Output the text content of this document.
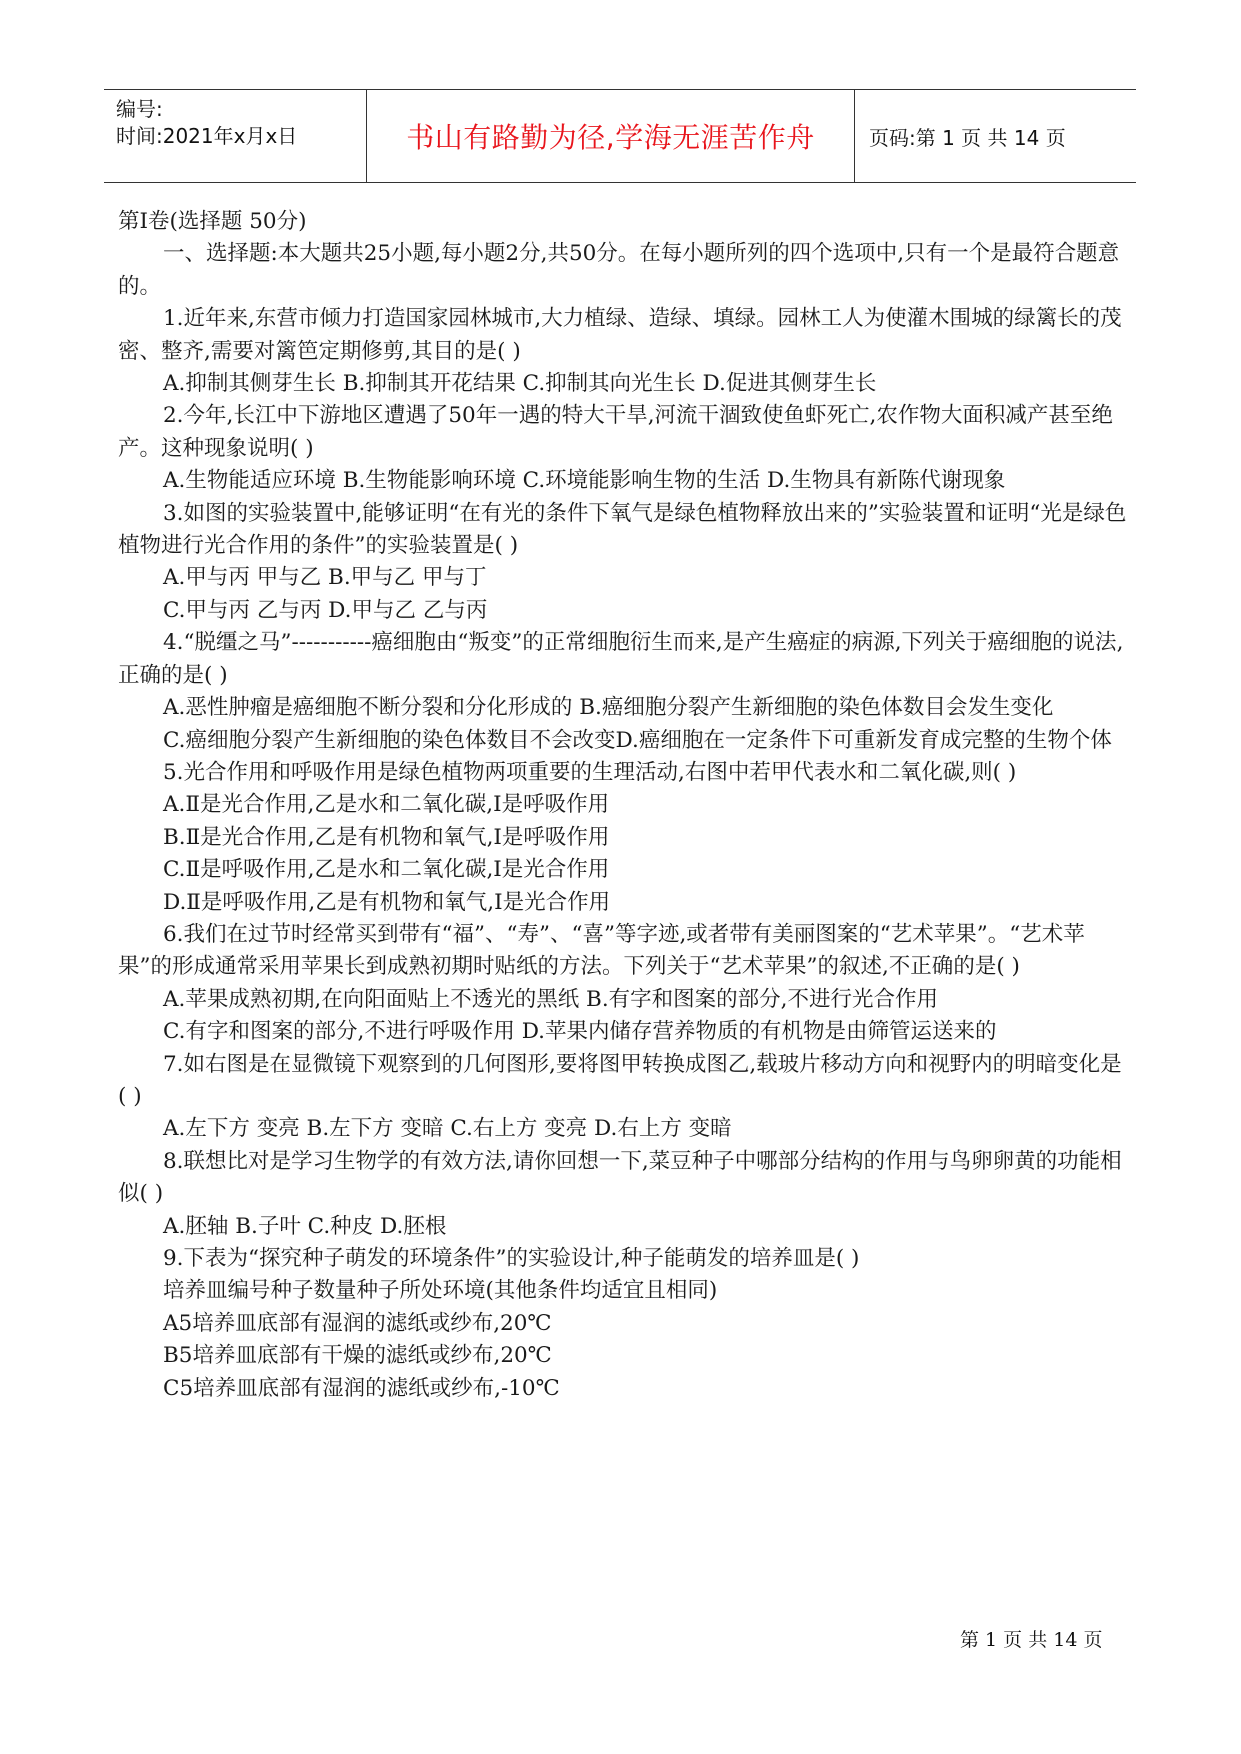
编号:
时间:2021年x月x日	书山有路勤为径,学海无涯苦作舟	页码:第 1 页 共 14 页

第Ⅰ卷(选择题 50分)

一、选择题:本大题共25小题,每小题2分,共50分。在每小题所列的四个选项中,只有一个是最符合题意的。

1.近年来,东营市倾力打造国家园林城市,大力植绿、造绿、填绿。园林工人为使灌木围城的绿篱长的茂密、整齐,需要对篱笆定期修剪,其目的是( )

A.抑制其侧芽生长 B.抑制其开花结果 C.抑制其向光生长 D.促进其侧芽生长

2.今年,长江中下游地区遭遇了50年一遇的特大干旱,河流干涸致使鱼虾死亡,农作物大面积减产甚至绝产。这种现象说明( )

A.生物能适应环境 B.生物能影响环境 C.环境能影响生物的生活 D.生物具有新陈代谢现象

3.如图的实验装置中,能够证明“在有光的条件下氧气是绿色植物释放出来的”实验装置和证明“光是绿色植物进行光合作用的条件”的实验装置是( )

A.甲与丙 甲与乙 B.甲与乙 甲与丁

C.甲与丙 乙与丙 D.甲与乙 乙与丙

4.“脱缰之马”-----------癌细胞由“叛变”的正常细胞衍生而来,是产生癌症的病源,下列关于癌细胞的说法,正确的是( )

A.恶性肿瘤是癌细胞不断分裂和分化形成的 B.癌细胞分裂产生新细胞的染色体数目会发生变化

C.癌细胞分裂产生新细胞的染色体数目不会改变D.癌细胞在一定条件下可重新发育成完整的生物个体

5.光合作用和呼吸作用是绿色植物两项重要的生理活动,右图中若甲代表水和二氧化碳,则( )

A.Ⅱ是光合作用,乙是水和二氧化碳,Ⅰ是呼吸作用

B.Ⅱ是光合作用,乙是有机物和氧气,Ⅰ是呼吸作用

C.Ⅱ是呼吸作用,乙是水和二氧化碳,Ⅰ是光合作用

D.Ⅱ是呼吸作用,乙是有机物和氧气,Ⅰ是光合作用

6.我们在过节时经常买到带有“福”、“寿”、“喜”等字迹,或者带有美丽图案的“艺术苹果”。“艺术苹果”的形成通常采用苹果长到成熟初期时贴纸的方法。下列关于“艺术苹果”的叙述,不正确的是( )

A.苹果成熟初期,在向阳面贴上不透光的黑纸 B.有字和图案的部分,不进行光合作用

C.有字和图案的部分,不进行呼吸作用 D.苹果内储存营养物质的有机物是由筛管运送来的

7.如右图是在显微镜下观察到的几何图形,要将图甲转换成图乙,载玻片移动方向和视野内的明暗变化是( )

A.左下方 变亮 B.左下方 变暗 C.右上方 变亮 D.右上方 变暗

8.联想比对是学习生物学的有效方法,请你回想一下,菜豆种子中哪部分结构的作用与鸟卵卵黄的功能相似( )

A.胚轴 B.子叶 C.种皮 D.胚根

9.下表为“探究种子萌发的环境条件”的实验设计,种子能萌发的培养皿是( )

培养皿编号种子数量种子所处环境(其他条件均适宜且相同)

A5培养皿底部有湿润的滤纸或纱布,20℃

B5培养皿底部有干燥的滤纸或纱布,20℃

C5培养皿底部有湿润的滤纸或纱布,-10℃

第 1 页 共 14 页
